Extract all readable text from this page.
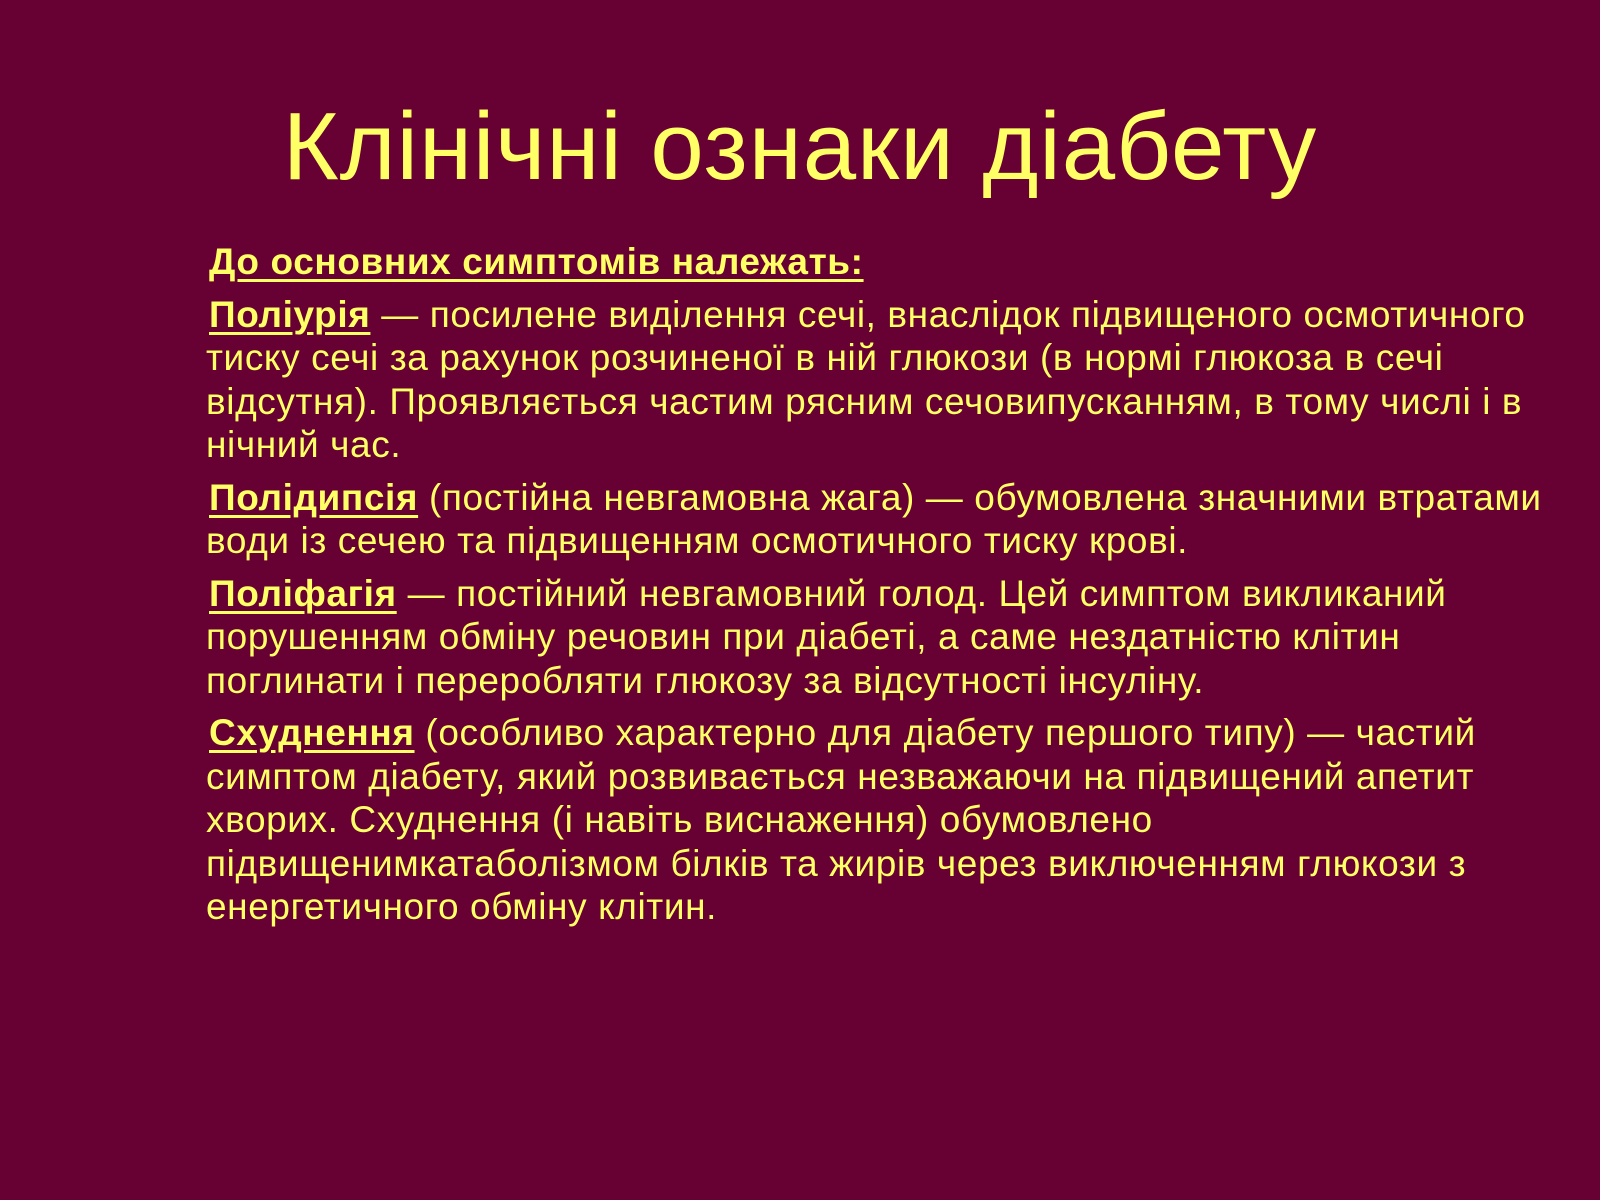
Клінічні ознаки діабету

До основних симптомів належать:

Поліурія — посилене виділення сечі, внаслідок підвищеного осмотичного тиску сечі за рахунок розчиненої в ній глюкози (в нормі глюкоза в сечі відсутня). Проявляється частим рясним сечовипусканням, в тому числі і в нічний час.

Полідипсія (постійна невгамовна жага) — обумовлена значними втратами води із сечею та підвищенням осмотичного тиску крові.

Поліфагія — постійний невгамовний голод. Цей симптом викликаний порушенням обміну речовин при діабеті, а саме нездатністю клітин поглинати і переробляти глюкозу за відсутності інсуліну.

Схуднення (особливо характерно для діабету першого типу) — частий симптом діабету, який розвивається незважаючи на підвищений апетит хворих. Схуднення (і навіть виснаження) обумовлено підвищенимкатаболізмом білків та жирів через виключенням глюкози з енергетичного обміну клітин.
